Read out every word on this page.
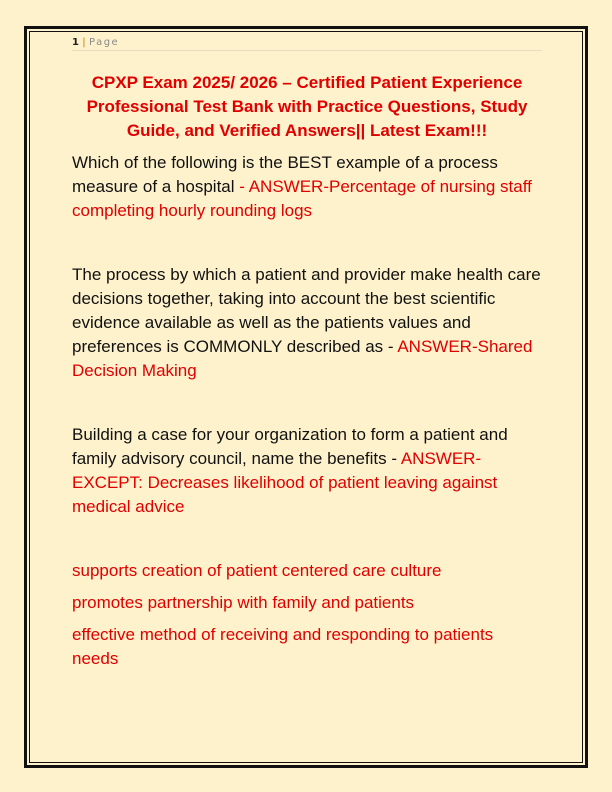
1 | Page

CPXP Exam 2025/ 2026 – Certified Patient Experience Professional Test Bank with Practice Questions, Study Guide, and Verified Answers|| Latest Exam!!!

Which of the following is the BEST example of a process measure of a hospital - ANSWER-Percentage of nursing staff completing hourly rounding logs

The process by which a patient and provider make health care decisions together, taking into account the best scientific evidence available as well as the patients values and preferences is COMMONLY described as - ANSWER-Shared Decision Making

Building a case for your organization to form a patient and family advisory council, name the benefits - ANSWER-EXCEPT: Decreases likelihood of patient leaving against medical advice

supports creation of patient centered care culture

promotes partnership with family and patients

effective method of receiving and responding to patients needs
